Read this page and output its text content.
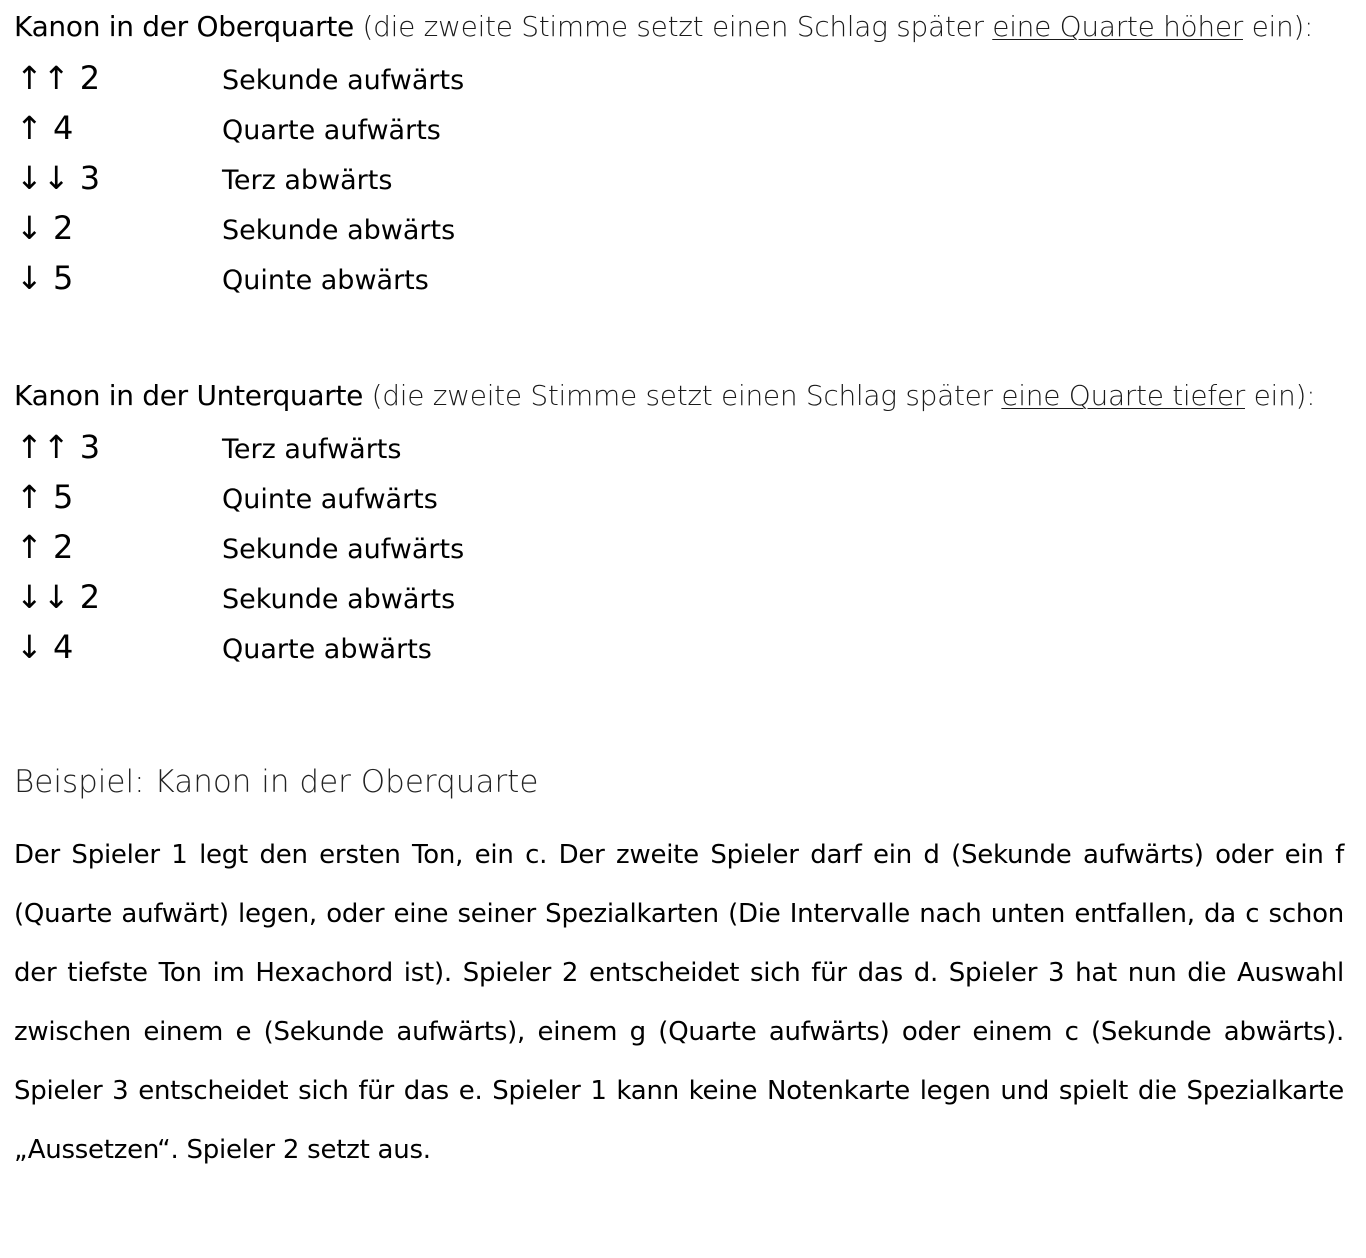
Kanon in der Oberquarte (die zweite Stimme setzt einen Schlag später eine Quarte höher ein):
↑↑ 2	Sekunde aufwärts
↑ 4	Quarte aufwärts
↓↓ 3	Terz abwärts
↓ 2	Sekunde abwärts
↓ 5	Quinte abwärts
Kanon in der Unterquarte (die zweite Stimme setzt einen Schlag später eine Quarte tiefer ein):
↑↑ 3	Terz aufwärts
↑ 5	Quinte aufwärts
↑ 2	Sekunde aufwärts
↓↓ 2	Sekunde abwärts
↓ 4	Quarte abwärts
Beispiel: Kanon in der Oberquarte
Der Spieler 1 legt den ersten Ton, ein c. Der zweite Spieler darf ein d (Sekunde aufwärts) oder ein f
(Quarte aufwärt) legen, oder eine seiner Spezialkarten (Die Intervalle nach unten entfallen, da c schon
der tiefste Ton im Hexachord ist). Spieler 2 entscheidet sich für das d. Spieler 3 hat nun die Auswahl
zwischen einem e (Sekunde aufwärts), einem g (Quarte aufwärts) oder einem c (Sekunde abwärts).
Spieler 3 entscheidet sich für das e. Spieler 1 kann keine Notenkarte legen und spielt die Spezialkarte
„Aussetzen“. Spieler 2 setzt aus.
